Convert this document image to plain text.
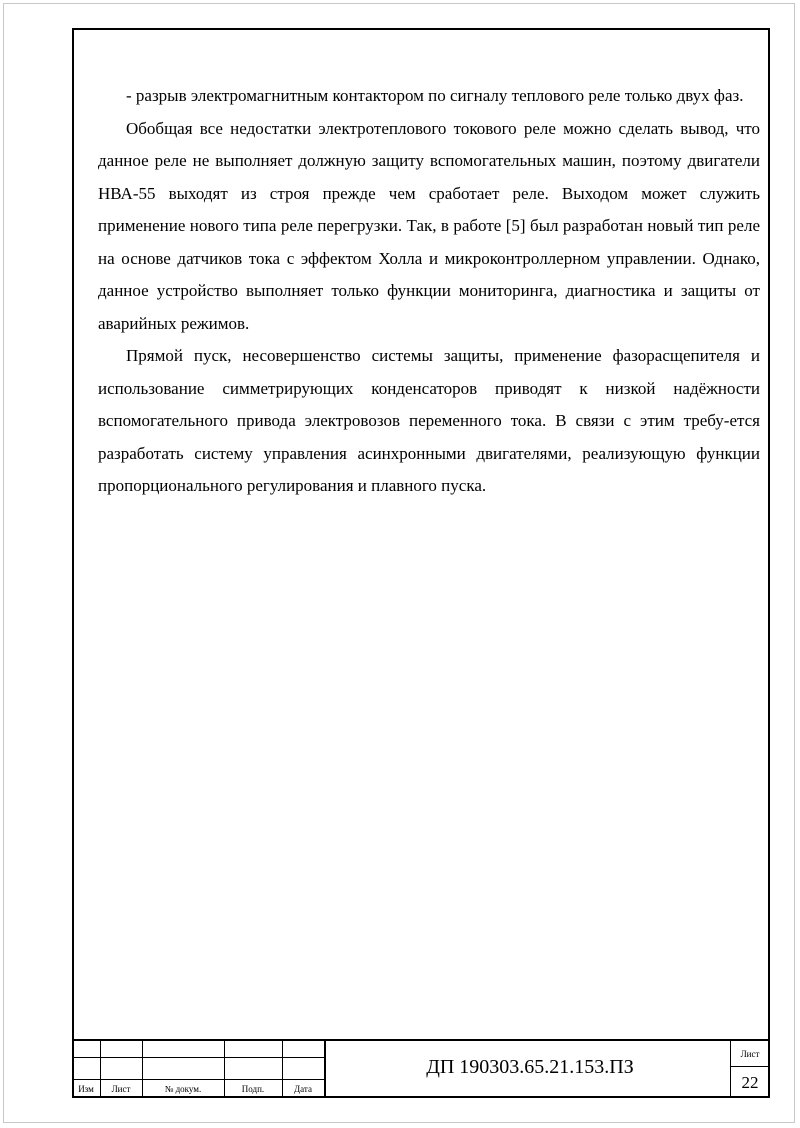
- разрыв электромагнитным контактором по сигналу теплового реле только двух фаз.

Обобщая все недостатки электротеплового токового реле можно сделать вывод, что данное реле не выполняет должную защиту вспомогательных машин, поэтому двигатели НВА-55 выходят из строя прежде чем сработает реле. Выходом может служить применение нового типа реле перегрузки. Так, в работе [5] был разработан новый тип реле на основе датчиков тока с эффектом Холла и микроконтроллерном управлении. Однако, данное устройство выполняет только функции мониторинга, диагностика и защиты от аварийных режимов.

Прямой пуск, несовершенство системы защиты, применение фазорасщепителя и использование симметрирующих конденсаторов приводят к низкой надёжности вспомогательного привода электровозов переменного тока. В связи с этим требу-ется разработать систему управления асинхронными двигателями, реализующую функции пропорционального регулирования и плавного пуска.

Изм	Лист	№ докум.	Подп.	Дата
ДП 190303.65.21.153.ПЗ
Лист
22
